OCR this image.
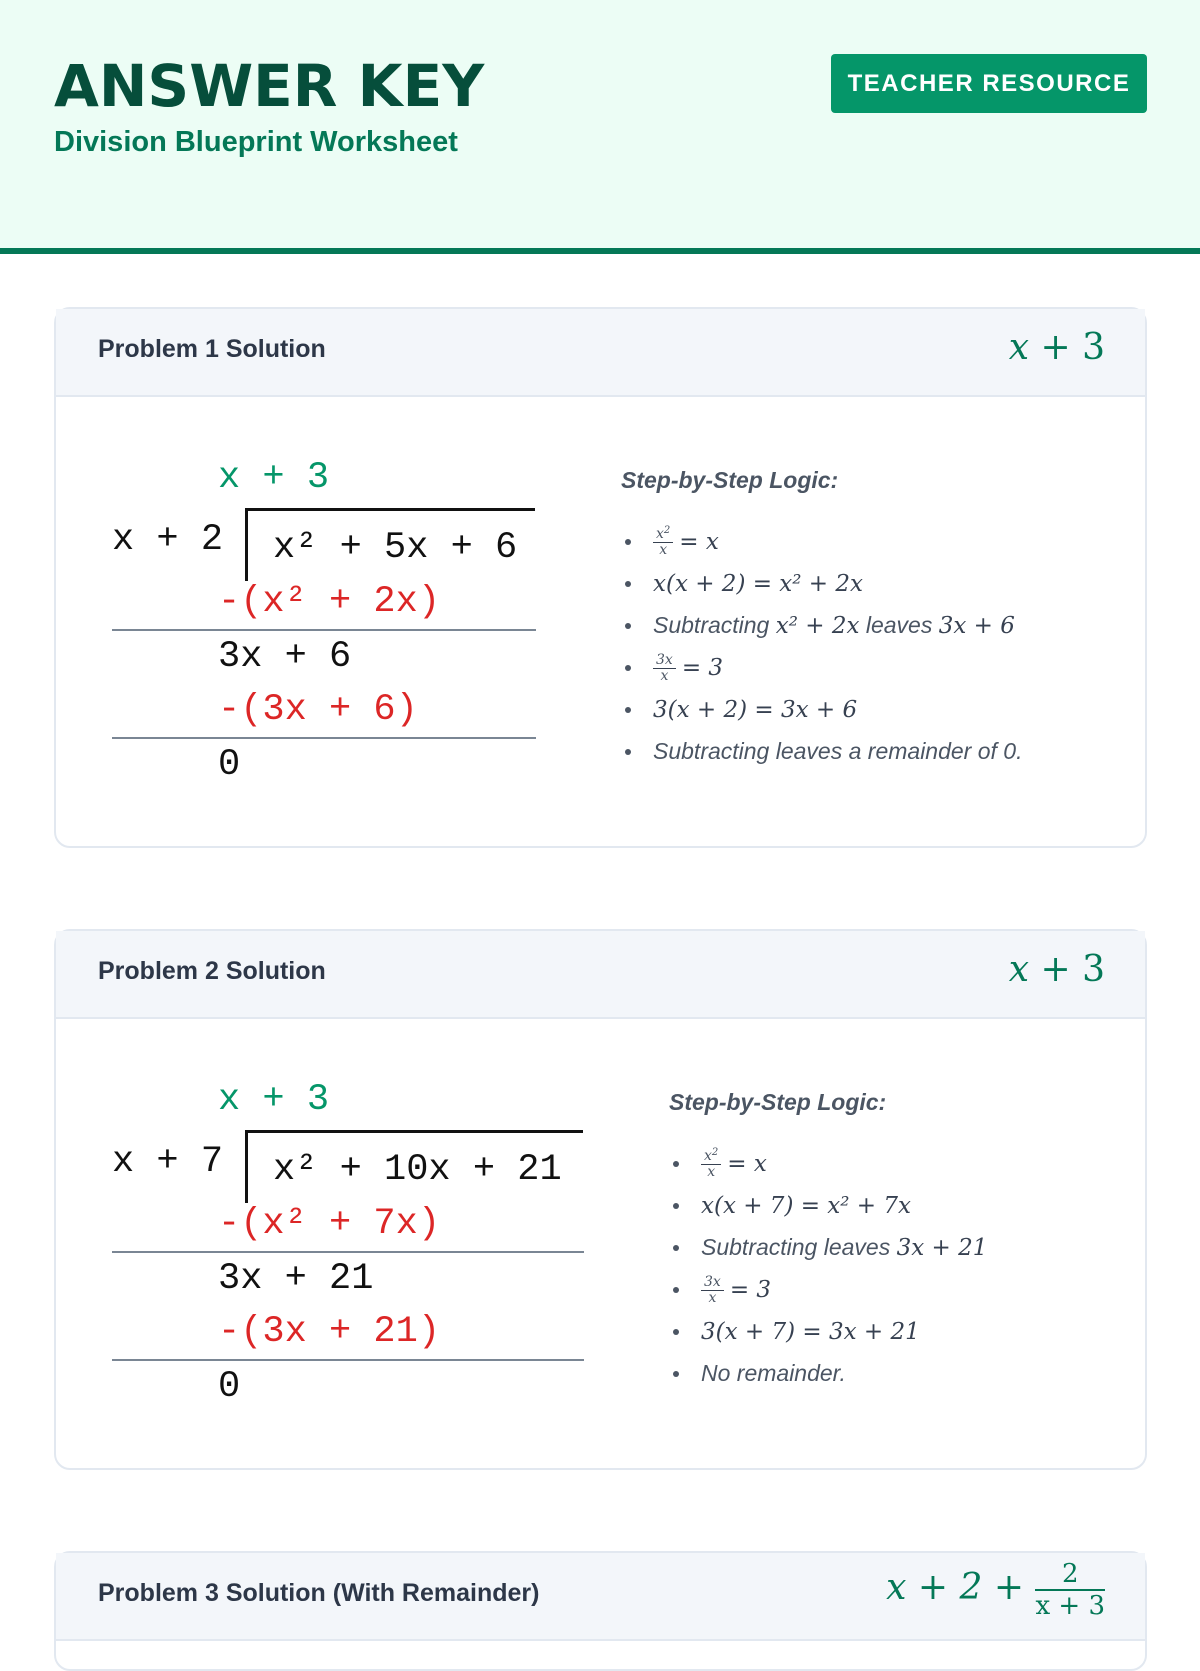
ANSWER KEY
Division Blueprint Worksheet
TEACHER RESOURCE
Problem 1 Solution	x + 3
x + 3
x + 2 x² + 5x + 6
-(x² + 2x)
3x + 6
-(3x + 6)
0
Step-by-Step Logic:
$\frac{x^2}{x} = x$
x(x + 2) = x² + 2x
Subtracting x² + 2x leaves 3x + 6
$\frac{3x}{x} = 3$
3(x + 2) = 3x + 6
Subtracting leaves a remainder of 0.
Problem 2 Solution	x + 3
x + 3
x + 7 x² + 10x + 21
-(x² + 7x)
3x + 21
-(3x + 21)
0
Step-by-Step Logic:
$\frac{x^2}{x} = x$
x(x + 7) = x² + 7x
Subtracting leaves 3x + 21
$\frac{3x}{x} = 3$
3(x + 7) = 3x + 21
No remainder.
Problem 3 Solution (With Remainder)	$x + 2 + \frac{2}{x + 3}$
